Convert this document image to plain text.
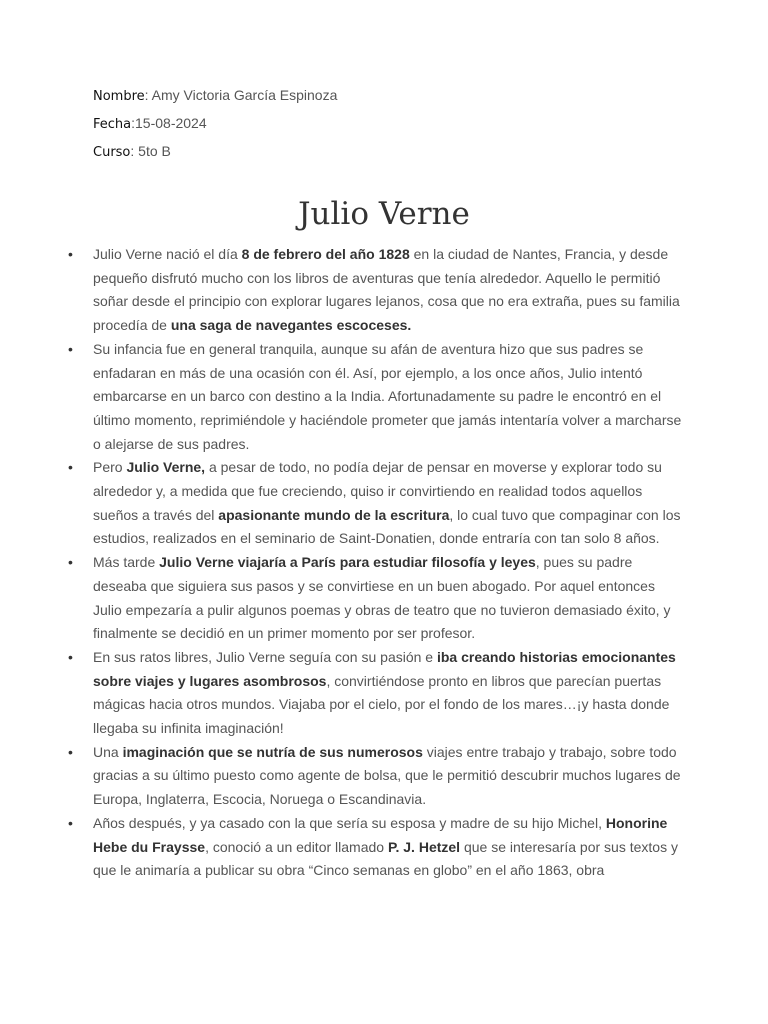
Nombre: Amy Victoria García Espinoza
Fecha:15-08-2024
Curso: 5to B
Julio Verne
• Julio Verne nació el día 8 de febrero del año 1828 en la ciudad de Nantes, Francia, y desde pequeño disfrutó mucho con los libros de aventuras que tenía alrededor. Aquello le permitió soñar desde el principio con explorar lugares lejanos, cosa que no era extraña, pues su familia procedía de una saga de navegantes escoceses.
• Su infancia fue en general tranquila, aunque su afán de aventura hizo que sus padres se enfadaran en más de una ocasión con él. Así, por ejemplo, a los once años, Julio intentó embarcarse en un barco con destino a la India. Afortunadamente su padre le encontró en el último momento, reprimiéndole y haciéndole prometer que jamás intentaría volver a marcharse o alejarse de sus padres.
• Pero Julio Verne, a pesar de todo, no podía dejar de pensar en moverse y explorar todo su alrededor y, a medida que fue creciendo, quiso ir convirtiendo en realidad todos aquellos sueños a través del apasionante mundo de la escritura, lo cual tuvo que compaginar con los estudios, realizados en el seminario de Saint-Donatien, donde entraría con tan solo 8 años.
• Más tarde Julio Verne viajaría a París para estudiar filosofía y leyes, pues su padre deseaba que siguiera sus pasos y se convirtiese en un buen abogado. Por aquel entonces Julio empezaría a pulir algunos poemas y obras de teatro que no tuvieron demasiado éxito, y finalmente se decidió en un primer momento por ser profesor.
• En sus ratos libres, Julio Verne seguía con su pasión e iba creando historias emocionantes sobre viajes y lugares asombrosos, convirtiéndose pronto en libros que parecían puertas mágicas hacia otros mundos. Viajaba por el cielo, por el fondo de los mares…¡y hasta donde llegaba su infinita imaginación!
• Una imaginación que se nutría de sus numerosos viajes entre trabajo y trabajo, sobre todo gracias a su último puesto como agente de bolsa, que le permitió descubrir muchos lugares de Europa, Inglaterra, Escocia, Noruega o Escandinavia.
• Años después, y ya casado con la que sería su esposa y madre de su hijo Michel, Honorine Hebe du Fraysse, conoció a un editor llamado P. J. Hetzel que se interesaría por sus textos y que le animaría a publicar su obra “Cinco semanas en globo” en el año 1863, obra
